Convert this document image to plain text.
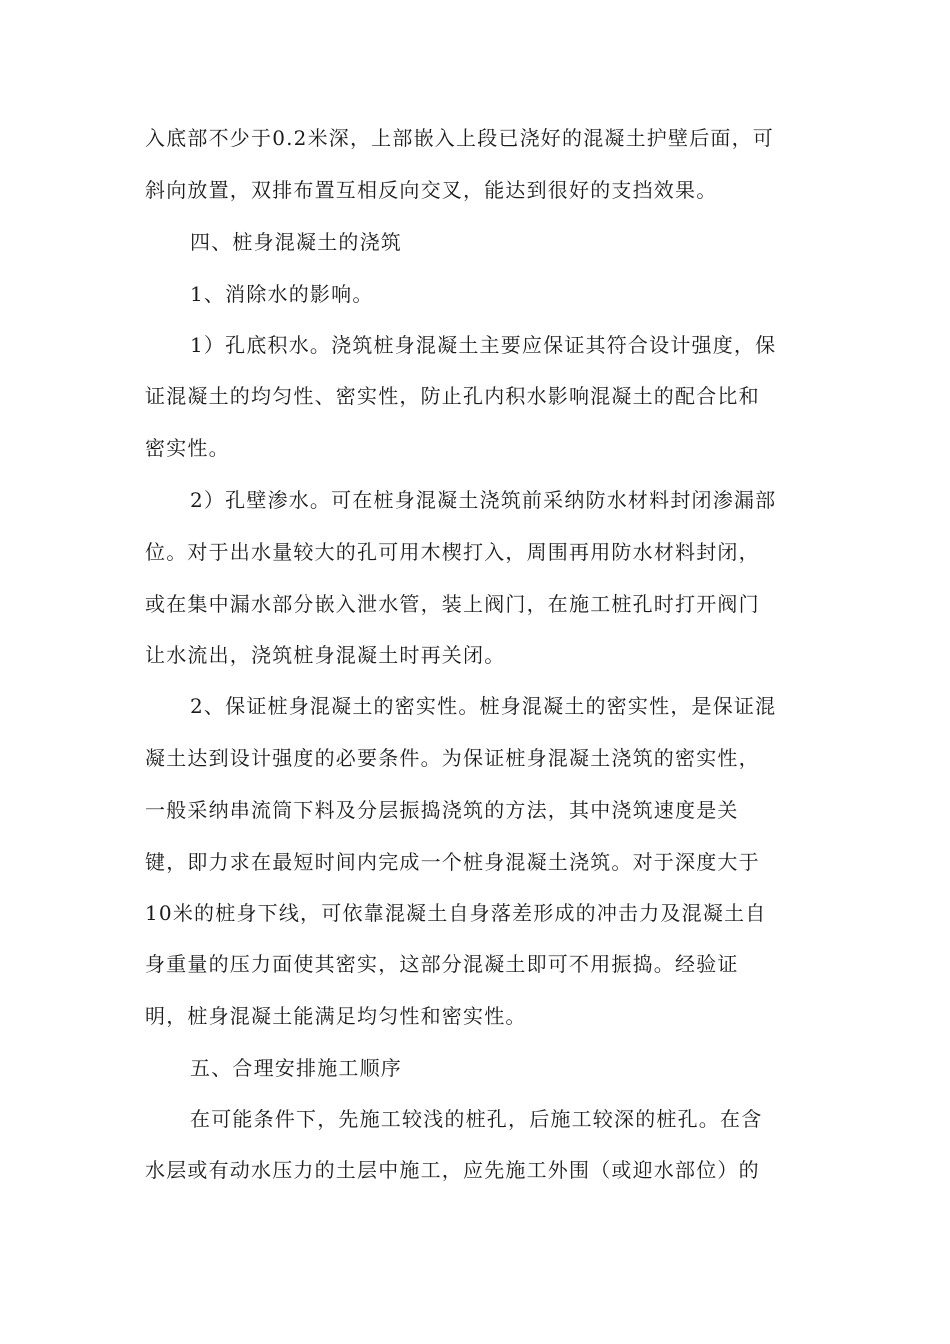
入底部不少于0.2米深，上部嵌入上段已浇好的混凝土护壁后面，可
斜向放置，双排布置互相反向交叉，能达到很好的支挡效果。
四、桩身混凝土的浇筑
1、消除水的影响。
1）孔底积水。浇筑桩身混凝土主要应保证其符合设计强度，保
证混凝土的均匀性、密实性，防止孔内积水影响混凝土的配合比和
密实性。
2）孔壁渗水。可在桩身混凝土浇筑前采纳防水材料封闭渗漏部
位。对于出水量较大的孔可用木楔打入，周围再用防水材料封闭，
或在集中漏水部分嵌入泄水管，装上阀门，在施工桩孔时打开阀门
让水流出，浇筑桩身混凝土时再关闭。
2、保证桩身混凝土的密实性。桩身混凝土的密实性，是保证混
凝土达到设计强度的必要条件。为保证桩身混凝土浇筑的密实性，
一般采纳串流筒下料及分层振捣浇筑的方法，其中浇筑速度是关
键，即力求在最短时间内完成一个桩身混凝土浇筑。对于深度大于
10米的桩身下线，可依靠混凝土自身落差形成的冲击力及混凝土自
身重量的压力面使其密实，这部分混凝土即可不用振捣。经验证
明，桩身混凝土能满足均匀性和密实性。
五、合理安排施工顺序
在可能条件下，先施工较浅的桩孔，后施工较深的桩孔。在含
水层或有动水压力的土层中施工，应先施工外围（或迎水部位）的
